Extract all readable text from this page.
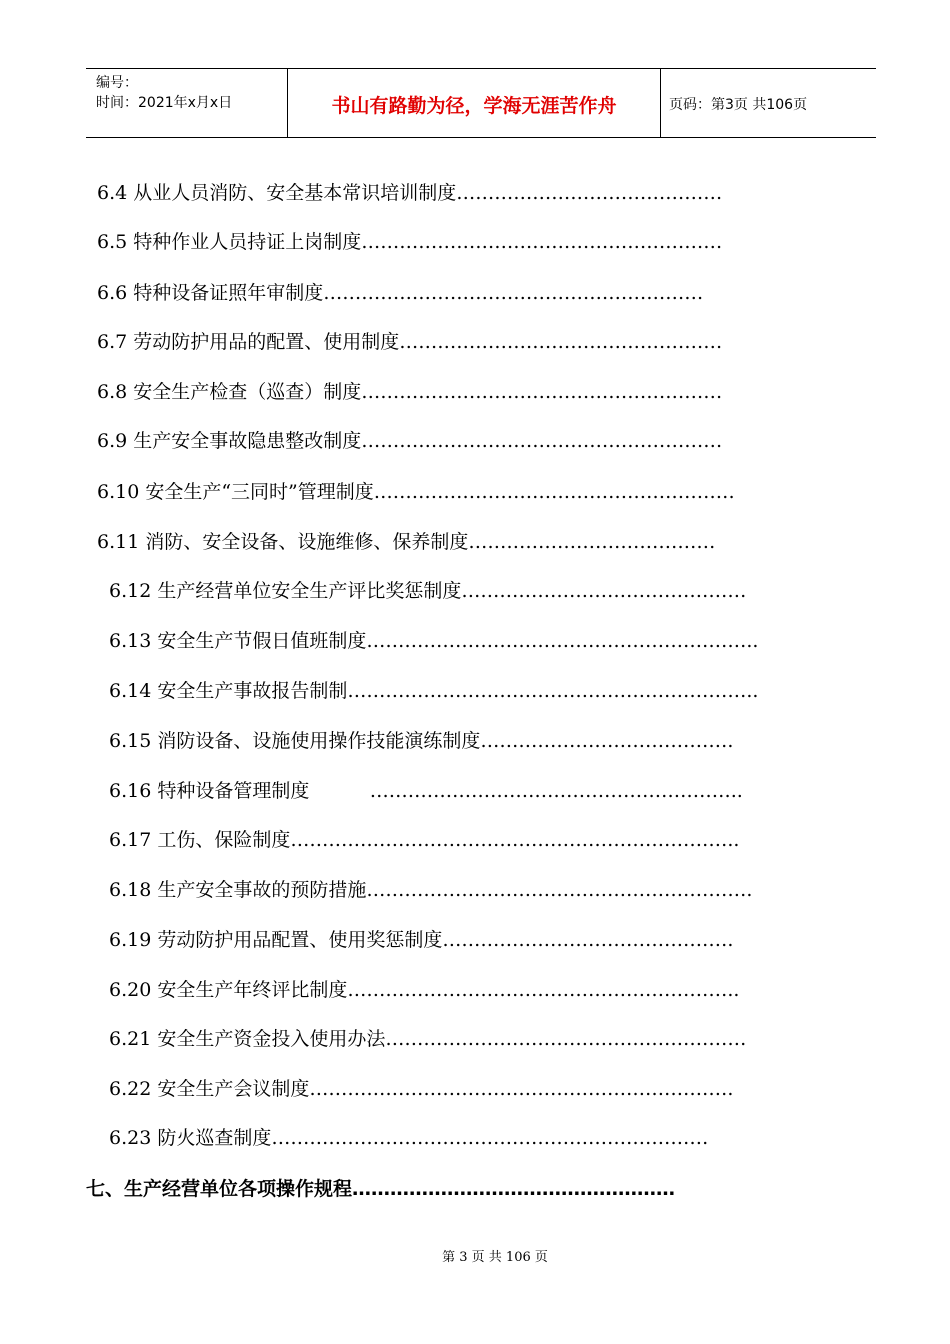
编号：
时间：2021年x月x日	书山有路勤为径，学海无涯苦作舟	页码：第3页 共106页
6.4 从业人员消防、安全基本常识培训制度……………………………………
6.5 特种作业人员持证上岗制度…………………………………………………
6.6 特种设备证照年审制度……………………………………………………
6.7 劳动防护用品的配置、使用制度……………………………………………
6.8 安全生产检查（巡查）制度…………………………………………………
6.9 生产安全事故隐患整改制度…………………………………………………
6.10 安全生产“三同时”管理制度…………………………………………………
6.11 消防、安全设备、设施维修、保养制度…………………………………
6.12 生产经营单位安全生产评比奖惩制度………………………………………
6.13 安全生产节假日值班制度……………………………………………………..
6.14 安全生产事故报告制制………………………………………………………..
6.15 消防设备、设施使用操作技能演练制度………………………………….
6.16 特种设备管理制度          …………………………………………………..
6.17 工伤、保险制度……………………………………………………………..
6.18 生产安全事故的预防措施…………………………………………………….
6.19 劳动防护用品配置、使用奖惩制度……………………………………….
6.20 安全生产年终评比制度……………………………………………………..
6.21 安全生产资金投入使用办法…………………………………………………
6.22 安全生产会议制度………………………………………………………….
6.23 防火巡查制度……………………………………………………………
七、生产经营单位各项操作规程……………………………………………
第 3 页 共 106 页
